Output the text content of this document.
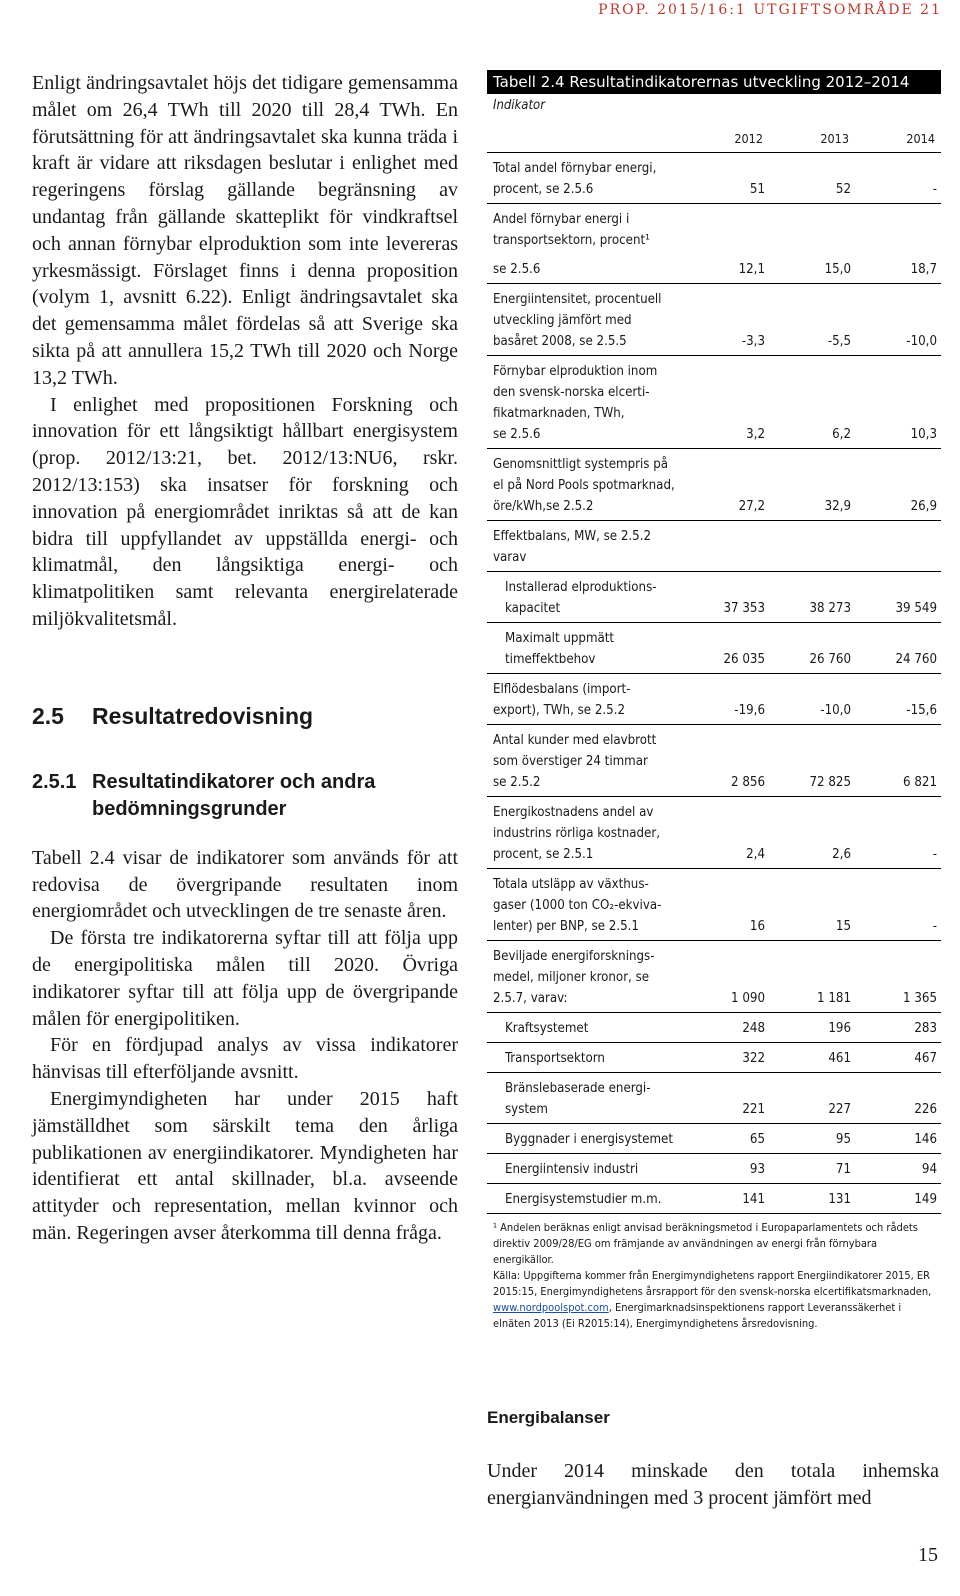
PROP. 2015/16:1 UTGIFTSOMRÅDE 21

Enligt ändringsavtalet höjs det tidigare gemensamma målet om 26,4 TWh till 2020 till 28,4 TWh. En förutsättning för att ändringsavtalet ska kunna träda i kraft är vidare att riksdagen beslutar i enlighet med regeringens förslag gällande begränsning av undantag från gällande skatteplikt för vindkraftsel och annan förnybar elproduktion som inte levereras yrkesmässigt. Förslaget finns i denna proposition (volym 1, avsnitt 6.22). Enligt ändringsavtalet ska det gemensamma målet fördelas så att Sverige ska sikta på att annullera 15,2 TWh till 2020 och Norge 13,2 TWh.

I enlighet med propositionen Forskning och innovation för ett långsiktigt hållbart energisystem (prop. 2012/13:21, bet. 2012/13:NU6, rskr. 2012/13:153) ska insatser för forskning och innovation på energiområdet inriktas så att de kan bidra till uppfyllandet av uppställda energi- och klimatmål, den långsiktiga energi- och klimatpolitiken samt relevanta energirelaterade miljökvalitetsmål.

2.5 Resultatredovisning
2.5.1 Resultatindikatorer och andra bedömningsgrunder

Tabell 2.4 visar de indikatorer som används för att redovisa de övergripande resultaten inom energiområdet och utvecklingen de tre senaste åren.

De första tre indikatorerna syftar till att följa upp de energipolitiska målen till 2020. Övriga indikatorer syftar till att följa upp de övergripande målen för energipolitiken.

För en fördjupad analys av vissa indikatorer hänvisas till efterföljande avsnitt.

Energimyndigheten har under 2015 haft jämställdhet som särskilt tema den årliga publikationen av energiindikatorer. Myndigheten har identifierat ett antal skillnader, bl.a. avseende attityder och representation, mellan kvinnor och män. Regeringen avser återkomma till denna fråga.

Tabell 2.4 Resultatindikatorernas utveckling 2012–2014
Indikator
2012	2013	2014
Total andel förnybar energi,
procent, se 2.5.6	51	52	-
Andel förnybar energi i
transportsektorn, procent¹
se 2.5.6	12,1	15,0	18,7
Energiintensitet, procentuell
utveckling jämfört med
basåret 2008, se 2.5.5	-3,3	-5,5	-10,0
Förnybar elproduktion inom
den svensk-norska elcerti-
fikatmarknaden, TWh,
se 2.5.6	3,2	6,2	10,3
Genomsnittligt systempris på
el på Nord Pools spotmarknad,
öre/kWh,se 2.5.2	27,2	32,9	26,9
Effektbalans, MW, se 2.5.2
varav
Installerad elproduktions-
kapacitet	37 353	38 273	39 549
Maximalt uppmätt
timeffektbehov	26 035	26 760	24 760
Elflödesbalans (import-
export), TWh, se 2.5.2	-19,6	-10,0	-15,6
Antal kunder med elavbrott
som överstiger 24 timmar
se 2.5.2	2 856	72 825	6 821
Energikostnadens andel av
industrins rörliga kostnader,
procent, se 2.5.1	2,4	2,6	-
Totala utsläpp av växthus-
gaser (1000 ton CO₂-ekviva-
lenter) per BNP, se 2.5.1	16	15	-
Beviljade energiforsknings-
medel, miljoner kronor, se
2.5.7, varav:	1 090	1 181	1 365
Kraftsystemet	248	196	283
Transportsektorn	322	461	467
Bränslebaserade energi-
system	221	227	226
Byggnader i energisystemet	65	95	146
Energiintensiv industri	93	71	94
Energisystemstudier m.m.	141	131	149

¹ Andelen beräknas enligt anvisad beräkningsmetod i Europaparlamentets och rådets direktiv 2009/28/EG om främjande av användningen av energi från förnybara energikällor.

Källa: Uppgifterna kommer från Energimyndighetens rapport Energiindikatorer 2015, ER 2015:15, Energimyndighetens årsrapport för den svensk-norska elcertifikatsmarknaden, www.nordpoolspot.com, Energimarknadsinspektionens rapport Leveranssäkerhet i elnäten 2013 (Ei R2015:14), Energimyndighetens årsredovisning.

Energibalanser

Under 2014 minskade den totala inhemska energianvändningen med 3 procent jämfört med

15
